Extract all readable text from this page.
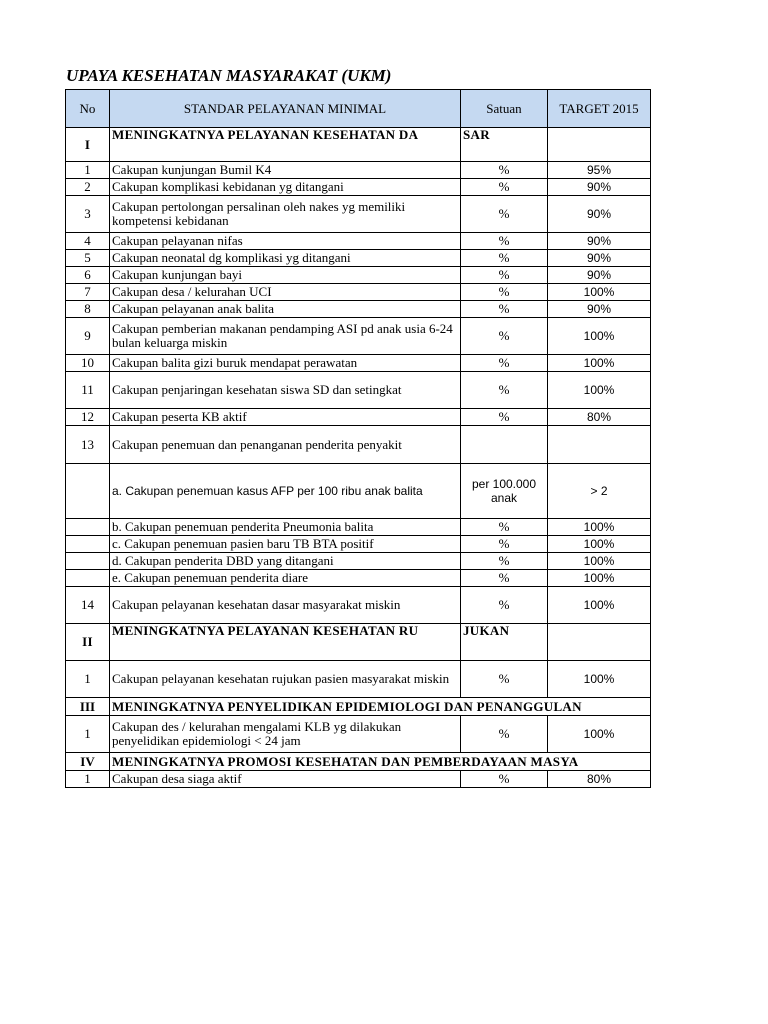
UPAYA KESEHATAN MASYARAKAT (UKM)
No	STANDAR PELAYANAN MINIMAL	Satuan	TARGET 2015
I	MENINGKATNYA PELAYANAN KESEHATAN DA	SAR	
1	Cakupan kunjungan Bumil K4	%	95%
2	Cakupan komplikasi kebidanan yg ditangani	%	90%
3	Cakupan pertolongan persalinan oleh nakes yg memiliki kompetensi kebidanan	%	90%
4	Cakupan pelayanan nifas	%	90%
5	Cakupan neonatal dg komplikasi yg ditangani	%	90%
6	Cakupan kunjungan bayi	%	90%
7	Cakupan desa / kelurahan UCI	%	100%
8	Cakupan pelayanan anak balita	%	90%
9	Cakupan pemberian makanan pendamping ASI pd anak usia 6-24 bulan keluarga miskin	%	100%
10	Cakupan balita gizi buruk mendapat perawatan	%	100%
11	Cakupan penjaringan kesehatan siswa SD dan setingkat	%	100%
12	Cakupan peserta KB aktif	%	80%
13	Cakupan penemuan dan penanganan penderita penyakit		
	a. Cakupan penemuan kasus AFP per 100 ribu anak balita	per 100.000 anak	> 2
	b. Cakupan penemuan penderita Pneumonia balita	%	100%
	c. Cakupan penemuan pasien baru TB BTA positif	%	100%
	d. Cakupan penderita DBD yang ditangani	%	100%
	e. Cakupan penemuan penderita diare	%	100%
14	Cakupan pelayanan kesehatan dasar masyarakat miskin	%	100%
II	MENINGKATNYA PELAYANAN KESEHATAN RU	JUKAN	
1	Cakupan pelayanan kesehatan rujukan pasien masyarakat miskin	%	100%
III	MENINGKATNYA PENYELIDIKAN EPIDEMIOLOGI DAN PENANGGULAN		
1	Cakupan des / kelurahan mengalami KLB yg dilakukan penyelidikan epidemiologi < 24 jam	%	100%
IV	MENINGKATNYA PROMOSI KESEHATAN DAN PEMBERDAYAAN MASYA		
1	Cakupan desa siaga aktif	%	80%
